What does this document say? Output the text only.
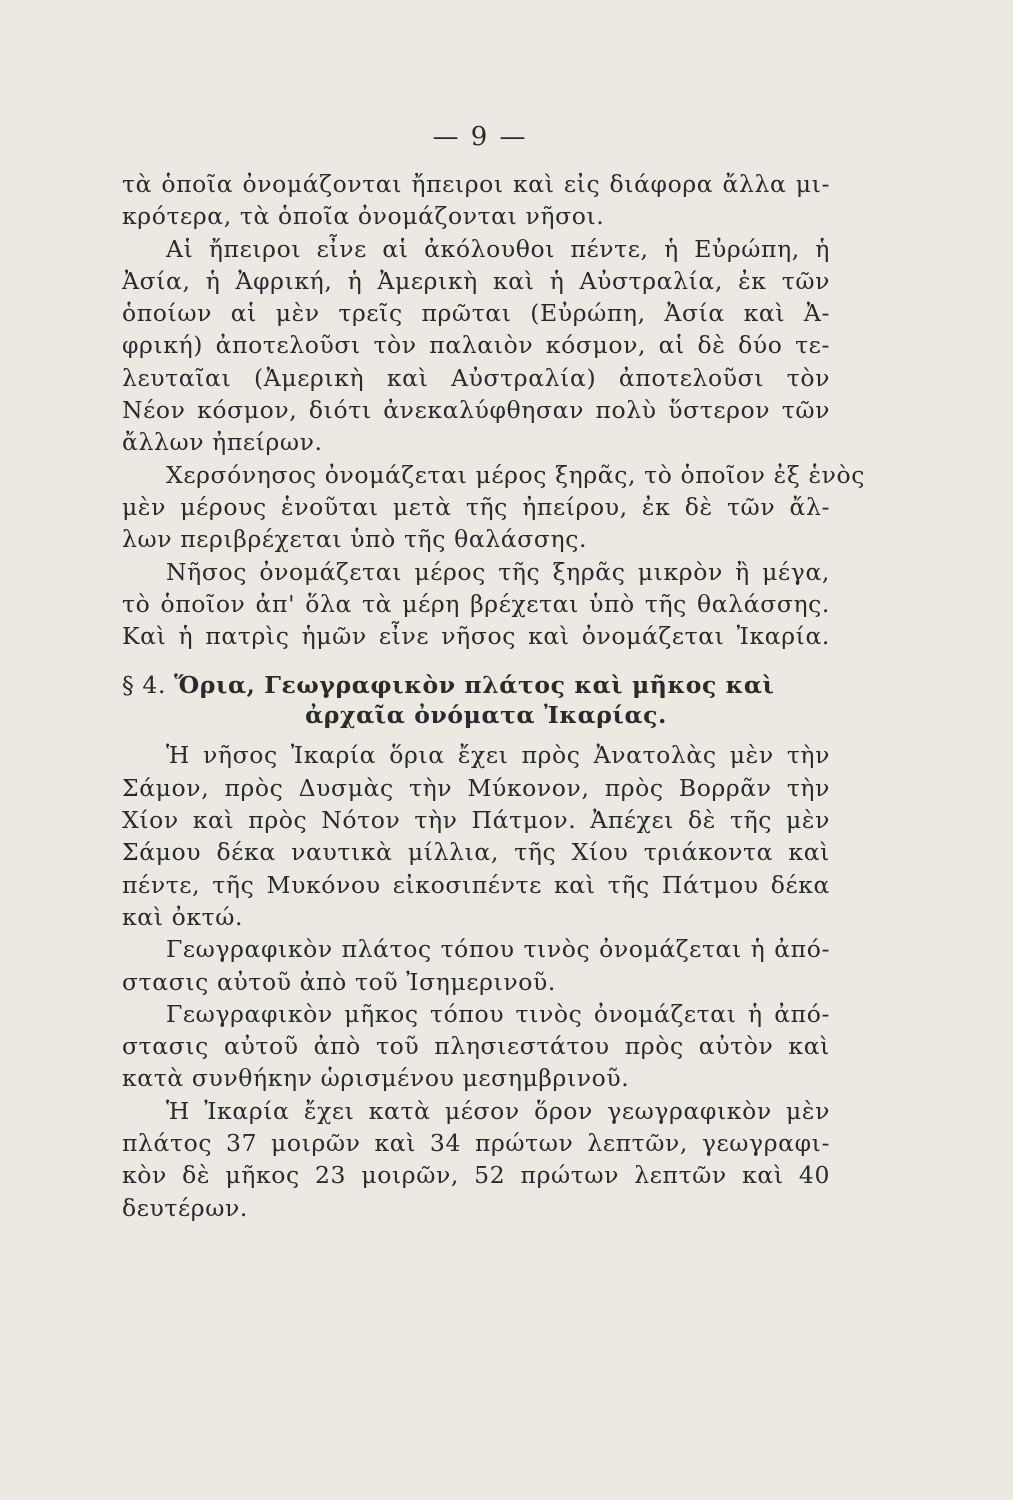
— 9 —
τὰ ὁποῖα ὀνομάζονται ἤπειροι καὶ εἰς διάφορα ἄλλα μι-
κρότερα, τὰ ὁποῖα ὀνομάζονται νῆσοι.
Αἱ ἤπειροι εἶνε αἱ ἀκόλουθοι πέντε, ἡ Εὐρώπη, ἡ
Ἀσία, ἡ Ἀφρική, ἡ Ἀμερικὴ καὶ ἡ Αὐστραλία, ἐκ τῶν
ὁποίων αἱ μὲν τρεῖς πρῶται (Εὐρώπη, Ἀσία καὶ Ἀ-
φρική) ἀποτελοῦσι τὸν παλαιὸν κόσμον, αἱ δὲ δύο τε-
λευταῖαι (Ἀμερικὴ καὶ Αὐστραλία) ἀποτελοῦσι τὸν
Νέον κόσμον, διότι ἀνεκαλύφθησαν πολὺ ὕστερον τῶν
ἄλλων ἠπείρων.
Χερσόνησος ὀνομάζεται μέρος ξηρᾶς, τὸ ὁποῖον ἐξ ἑνὸς
μὲν μέρους ἑνοῦται μετὰ τῆς ἠπείρου, ἐκ δὲ τῶν ἄλ-
λων περιβρέχεται ὑπὸ τῆς θαλάσσης.
Νῆσος ὀνομάζεται μέρος τῆς ξηρᾶς μικρὸν ἢ μέγα,
τὸ ὁποῖον ἀπ' ὅλα τὰ μέρη βρέχεται ὑπὸ τῆς θαλάσσης.
Καὶ ἡ πατρὶς ἡμῶν εἶνε νῆσος καὶ ὀνομάζεται Ἰκαρία.
§ 4. Ὅρια, Γεωγραφικὸν πλάτος καὶ μῆκος καὶ
ἀρχαῖα ὀνόματα Ἰκαρίας.
Ἡ νῆσος Ἰκαρία ὅρια ἔχει πρὸς Ἀνατολὰς μὲν τὴν
Σάμον, πρὸς Δυσμὰς τὴν Μύκονον, πρὸς Βορρᾶν τὴν
Χίον καὶ πρὸς Νότον τὴν Πάτμον. Ἀπέχει δὲ τῆς μὲν
Σάμου δέκα ναυτικὰ μίλλια, τῆς Χίου τριάκοντα καὶ
πέντε, τῆς Μυκόνου εἰκοσιπέντε καὶ τῆς Πάτμου δέκα
καὶ ὀκτώ.
Γεωγραφικὸν πλάτος τόπου τινὸς ὀνομάζεται ἡ ἀπό-
στασις αὐτοῦ ἀπὸ τοῦ Ἰσημερινοῦ.
Γεωγραφικὸν μῆκος τόπου τινὸς ὀνομάζεται ἡ ἀπό-
στασις αὐτοῦ ἀπὸ τοῦ πλησιεστάτου πρὸς αὐτὸν καὶ
κατὰ συνθήκην ὡρισμένου μεσημβρινοῦ.
Ἡ Ἰκαρία ἔχει κατὰ μέσον ὅρον γεωγραφικὸν μὲν
πλάτος 37 μοιρῶν καὶ 34 πρώτων λεπτῶν, γεωγραφι-
κὸν δὲ μῆκος 23 μοιρῶν, 52 πρώτων λεπτῶν καὶ 40
δευτέρων.
